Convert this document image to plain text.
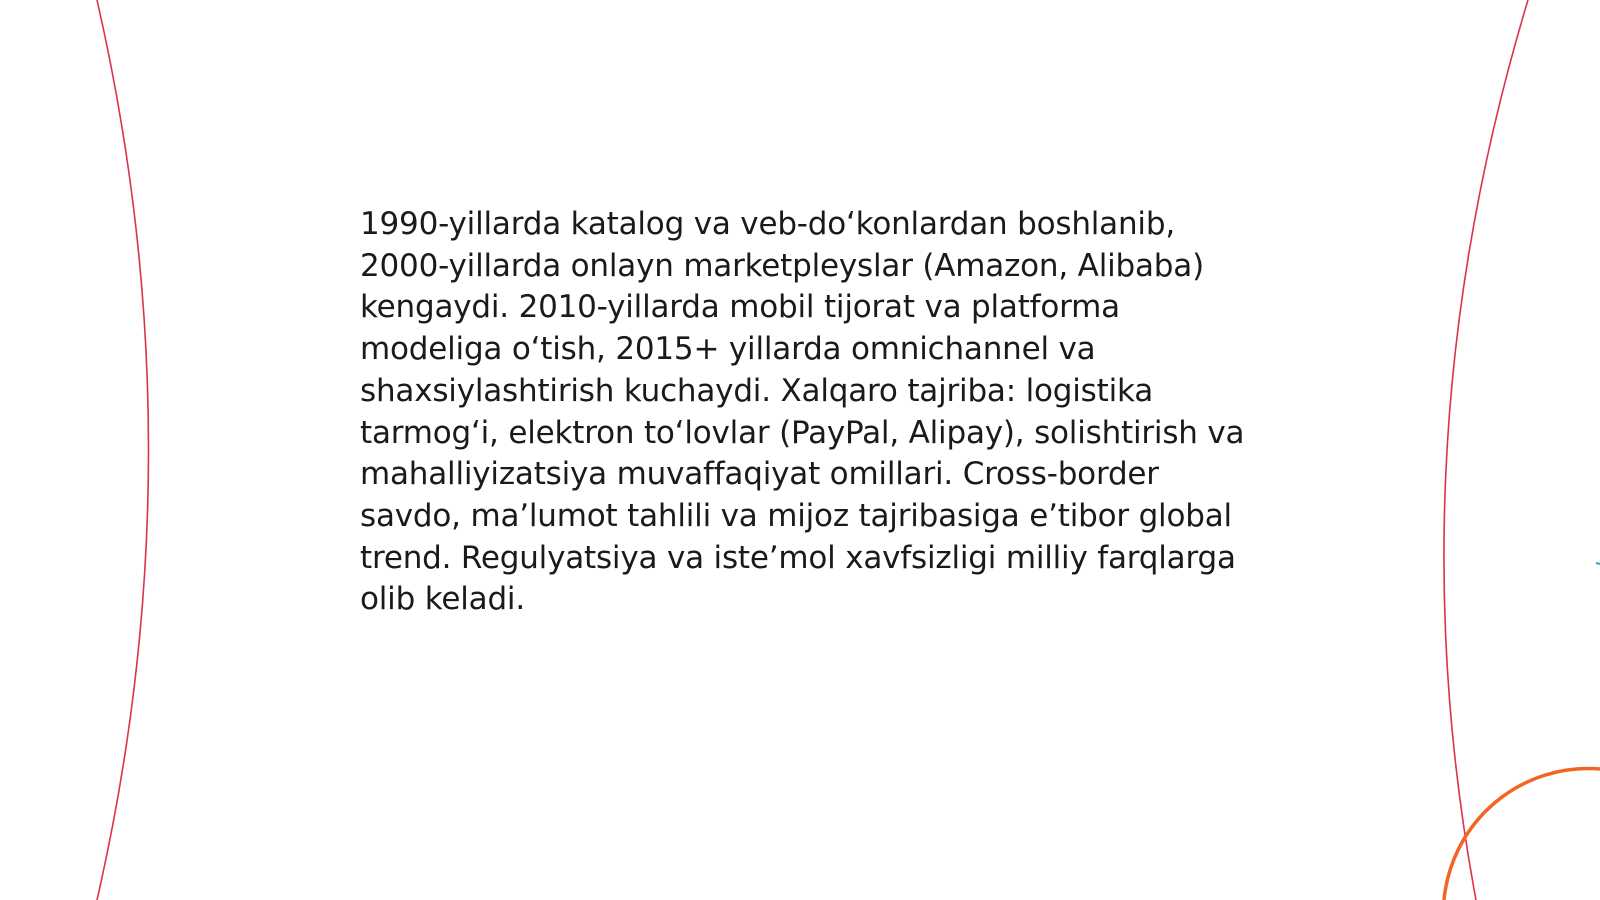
1990-yillarda katalog va veb-do‘konlardan boshlanib, 2000-yillarda onlayn marketpleyslar (Amazon, Alibaba) kengaydi. 2010-yillarda mobil tijorat va platforma modeliga o‘tish, 2015+ yillarda omnichannel va shaxsiylashtirish kuchaydi. Xalqaro tajriba: logistika tarmog‘i, elektron to‘lovlar (PayPal, Alipay), solishtirish va mahalliyizatsiya muvaffaqiyat omillari. Cross-border savdo, ma’lumot tahlili va mijoz tajribasiga e’tibor global trend. Regulyatsiya va iste’mol xavfsizligi milliy farqlarga olib keladi.
